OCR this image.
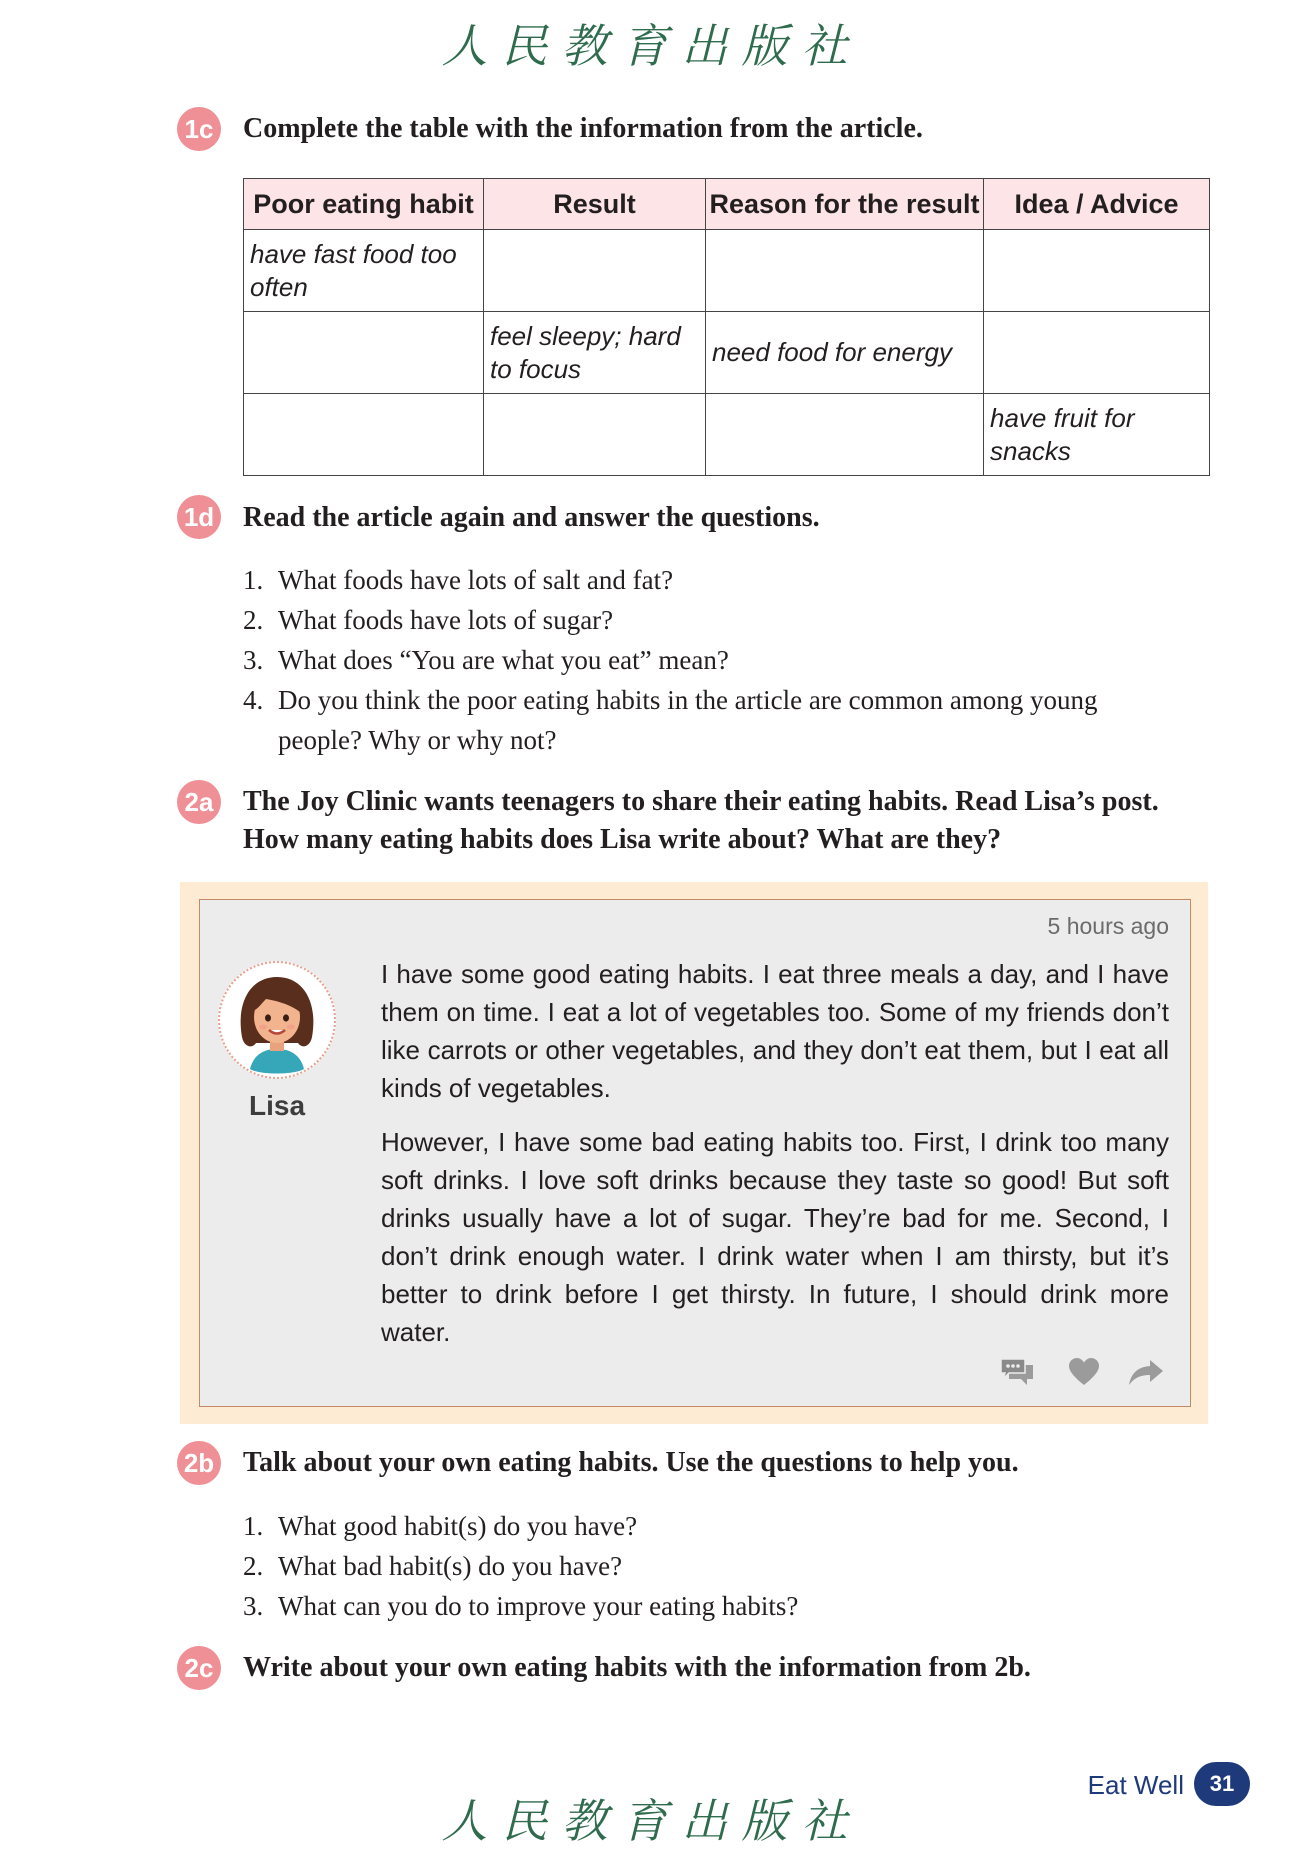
人民教育出版社
1c Complete the table with the information from the article.
Poor eating habit	Result	Reason for the result	Idea / Advice
have fast food too often			
	feel sleepy; hard to focus	need food for energy	
			have fruit for snacks
1d Read the article again and answer the questions.
1. What foods have lots of salt and fat?
2. What foods have lots of sugar?
3. What does “You are what you eat” mean?
4. Do you think the poor eating habits in the article are common among young
people? Why or why not?
2a The Joy Clinic wants teenagers to share their eating habits. Read Lisa’s post.
How many eating habits does Lisa write about? What are they?
5 hours ago
Lisa
I have some good eating habits. I eat three meals a day, and I have them on time. I eat a lot of vegetables too. Some of my friends don’t like carrots or other vegetables, and they don’t eat them, but I eat all kinds of vegetables.
However, I have some bad eating habits too. First, I drink too many soft drinks. I love soft drinks because they taste so good! But soft drinks usually have a lot of sugar. They’re bad for me. Second, I don’t drink enough water. I drink water when I am thirsty, but it’s better to drink before I get thirsty. In future, I should drink more water.
2b Talk about your own eating habits. Use the questions to help you.
1. What good habit(s) do you have?
2. What bad habit(s) do you have?
3. What can you do to improve your eating habits?
2c Write about your own eating habits with the information from 2b.
Eat Well	31
人民教育出版社
